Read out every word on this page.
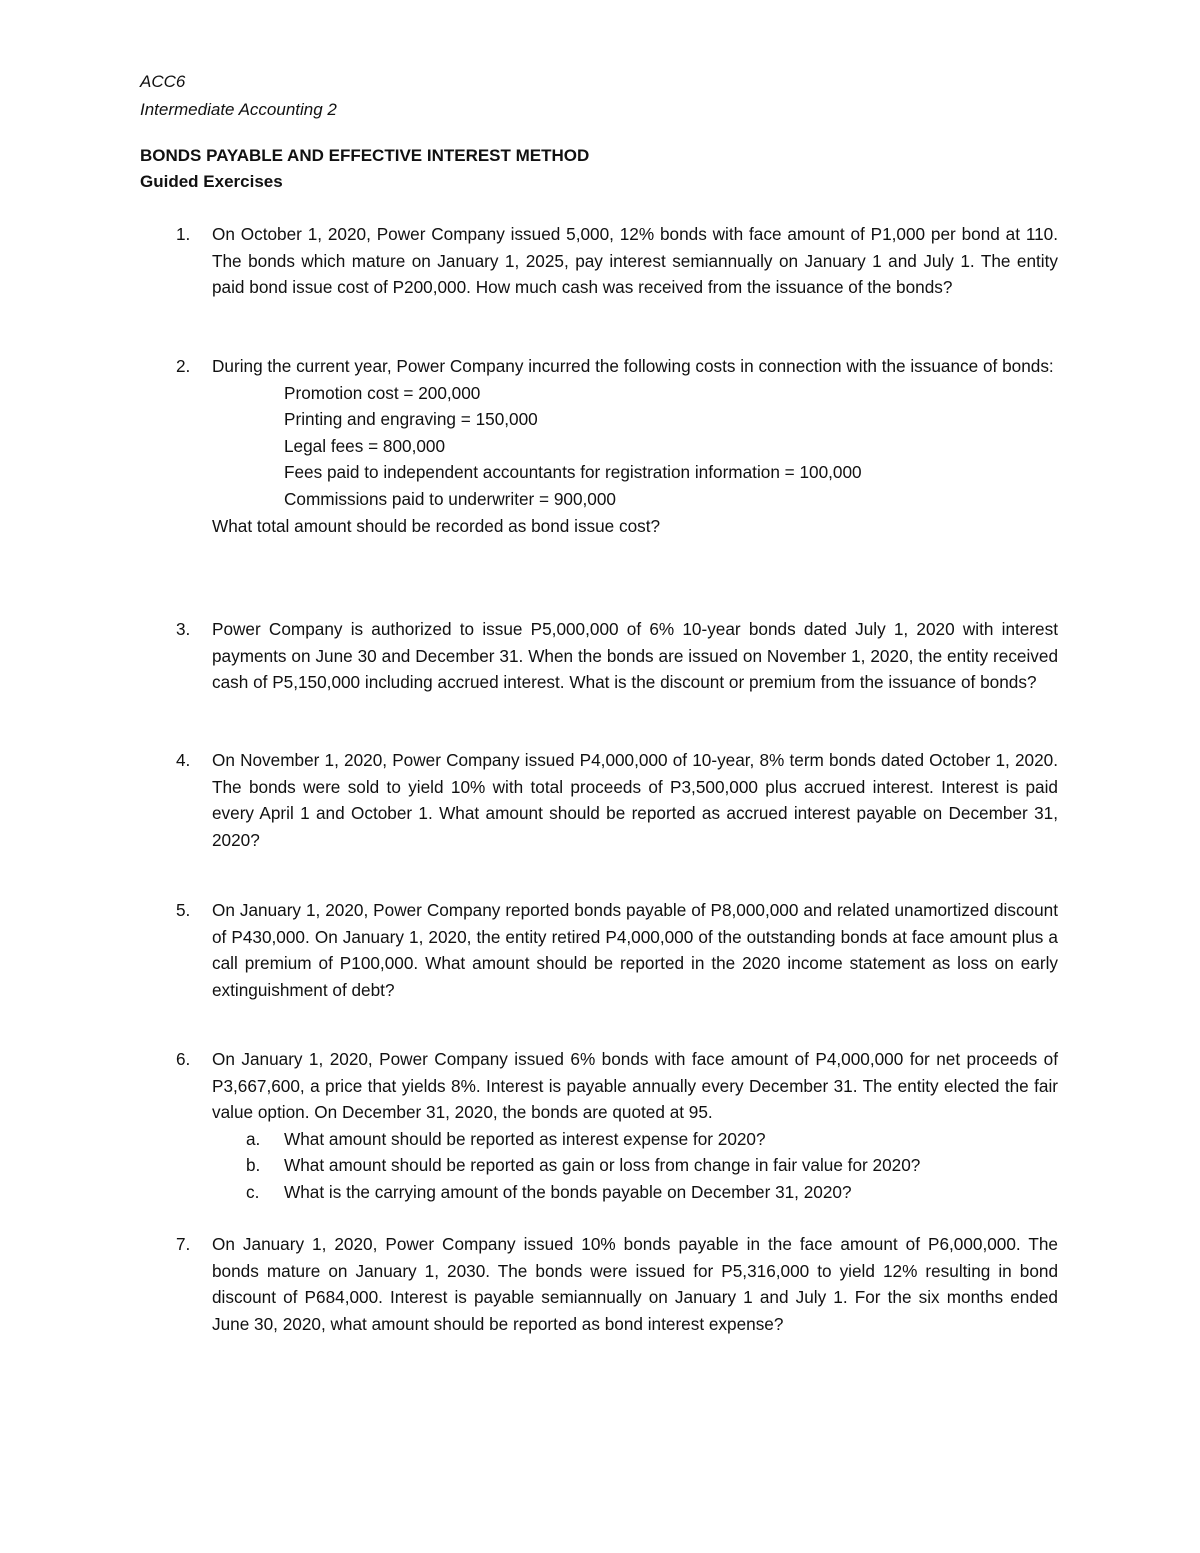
ACC6
Intermediate Accounting 2
BONDS PAYABLE AND EFFECTIVE INTEREST METHOD
Guided Exercises
1. On October 1, 2020, Power Company issued 5,000, 12% bonds with face amount of P1,000 per bond at 110. The bonds which mature on January 1, 2025, pay interest semiannually on January 1 and July 1. The entity paid bond issue cost of P200,000. How much cash was received from the issuance of the bonds?
2. During the current year, Power Company incurred the following costs in connection with the issuance of bonds:
Promotion cost = 200,000
Printing and engraving = 150,000
Legal fees = 800,000
Fees paid to independent accountants for registration information = 100,000
Commissions paid to underwriter = 900,000
What total amount should be recorded as bond issue cost?
3. Power Company is authorized to issue P5,000,000 of 6% 10-year bonds dated July 1, 2020 with interest payments on June 30 and December 31. When the bonds are issued on November 1, 2020, the entity received cash of P5,150,000 including accrued interest. What is the discount or premium from the issuance of bonds?
4. On November 1, 2020, Power Company issued P4,000,000 of 10-year, 8% term bonds dated October 1, 2020. The bonds were sold to yield 10% with total proceeds of P3,500,000 plus accrued interest. Interest is paid every April 1 and October 1. What amount should be reported as accrued interest payable on December 31, 2020?
5. On January 1, 2020, Power Company reported bonds payable of P8,000,000 and related unamortized discount of P430,000. On January 1, 2020, the entity retired P4,000,000 of the outstanding bonds at face amount plus a call premium of P100,000. What amount should be reported in the 2020 income statement as loss on early extinguishment of debt?
6. On January 1, 2020, Power Company issued 6% bonds with face amount of P4,000,000 for net proceeds of P3,667,600, a price that yields 8%. Interest is payable annually every December 31. The entity elected the fair value option. On December 31, 2020, the bonds are quoted at 95.
a. What amount should be reported as interest expense for 2020?
b. What amount should be reported as gain or loss from change in fair value for 2020?
c. What is the carrying amount of the bonds payable on December 31, 2020?
7. On January 1, 2020, Power Company issued 10% bonds payable in the face amount of P6,000,000. The bonds mature on January 1, 2030. The bonds were issued for P5,316,000 to yield 12% resulting in bond discount of P684,000. Interest is payable semiannually on January 1 and July 1. For the six months ended June 30, 2020, what amount should be reported as bond interest expense?
